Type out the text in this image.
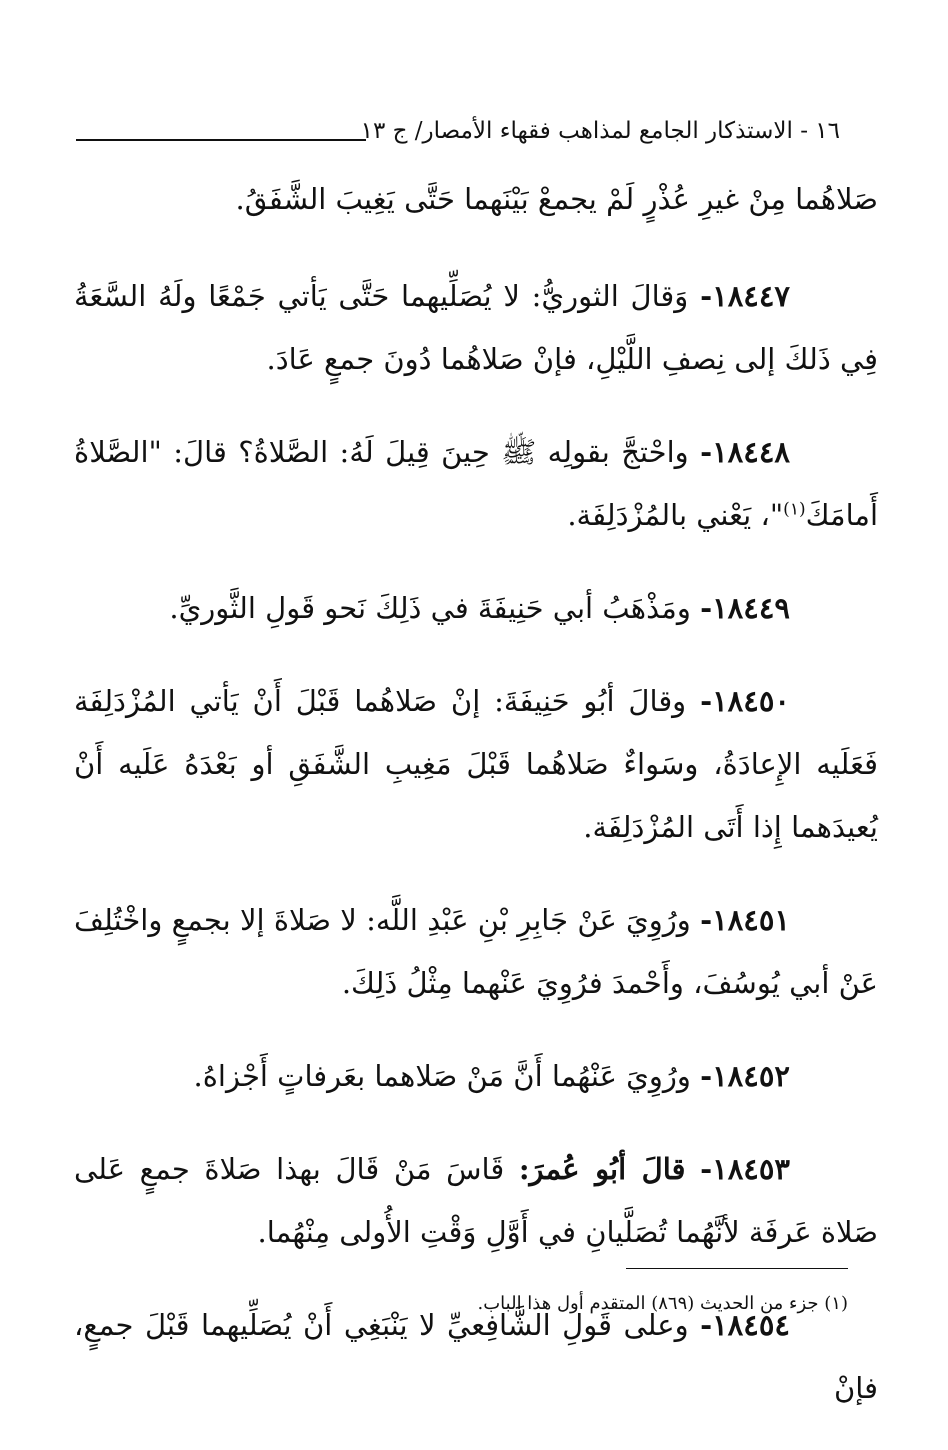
١٦ - الاستذكار الجامع لمذاهب فقهاء الأمصار/ ج ١٣

صَلاهُما مِنْ غيرِ عُذْرٍ لَمْ يجمعْ بَيْنَهما حَتَّى يَغِيبَ الشَّفَقُ.

١٨٤٤٧- وَقالَ الثوريُّ: لا يُصَلِّيهما حَتَّى يَأتي جَمْعًا ولَهُ السَّعَةُ فِي ذَلكَ إلى نِصفِ اللَّيْلِ، فإنْ صَلاهُما دُونَ جمعٍ عَادَ.

١٨٤٤٨- واحْتجَّ بقولِه ﷺ حِينَ قِيلَ لَهُ: الصَّلاةُ؟ قالَ: "الصَّلاةُ أَمامَكَ$^{(١)}$"، يَعْني بالمُزْدَلِفَة.

١٨٤٤٩- ومَذْهَبُ أبي حَنِيفَةَ في ذَلِكَ نَحو قَولِ الثَّوريِّ.

١٨٤٥٠- وقالَ أبُو حَنِيفَةَ: إنْ صَلاهُما قَبْلَ أَنْ يَأتي المُزْدَلِفَة فَعَلَيه الإِعادَةُ، وسَواءٌ صَلاهُما قَبْلَ مَغِيبِ الشَّفَقِ أو بَعْدَهُ عَلَيه أَنْ يُعيدَهما إِذا أَتَى المُزْدَلِفَة.

١٨٤٥١- ورُوِيَ عَنْ جَابِرِ بْنِ عَبْدِ اللَّه: لا صَلاةَ إلا بجمعٍ واخْتُلِفَ عَنْ أبي يُوسُفَ، وأَحْمدَ فرُوِيَ عَنْهما مِثْلُ ذَلِكَ.

١٨٤٥٢- ورُوِيَ عَنْهُما أَنَّ مَنْ صَلاهما بعَرفاتٍ أَجْزاهُ.

١٨٤٥٣- قالَ أبُو عُمرَ: قَاسَ مَنْ قَالَ بهذا صَلاةَ جمعٍ عَلى صَلاة عَرفَة لأنَّهُما تُصَلَّيانِ في أَوَّلِ وَقْتِ الأُولى مِنْهُما.

١٨٤٥٤- وعلى قَولِ الشَّافِعيِّ لا يَنْبَغِي أَنْ يُصَلِّيهما قَبْلَ جمعٍ، فإنْ

(١) جزء من الحديث (٨٦٩) المتقدم أول هذا الباب.
